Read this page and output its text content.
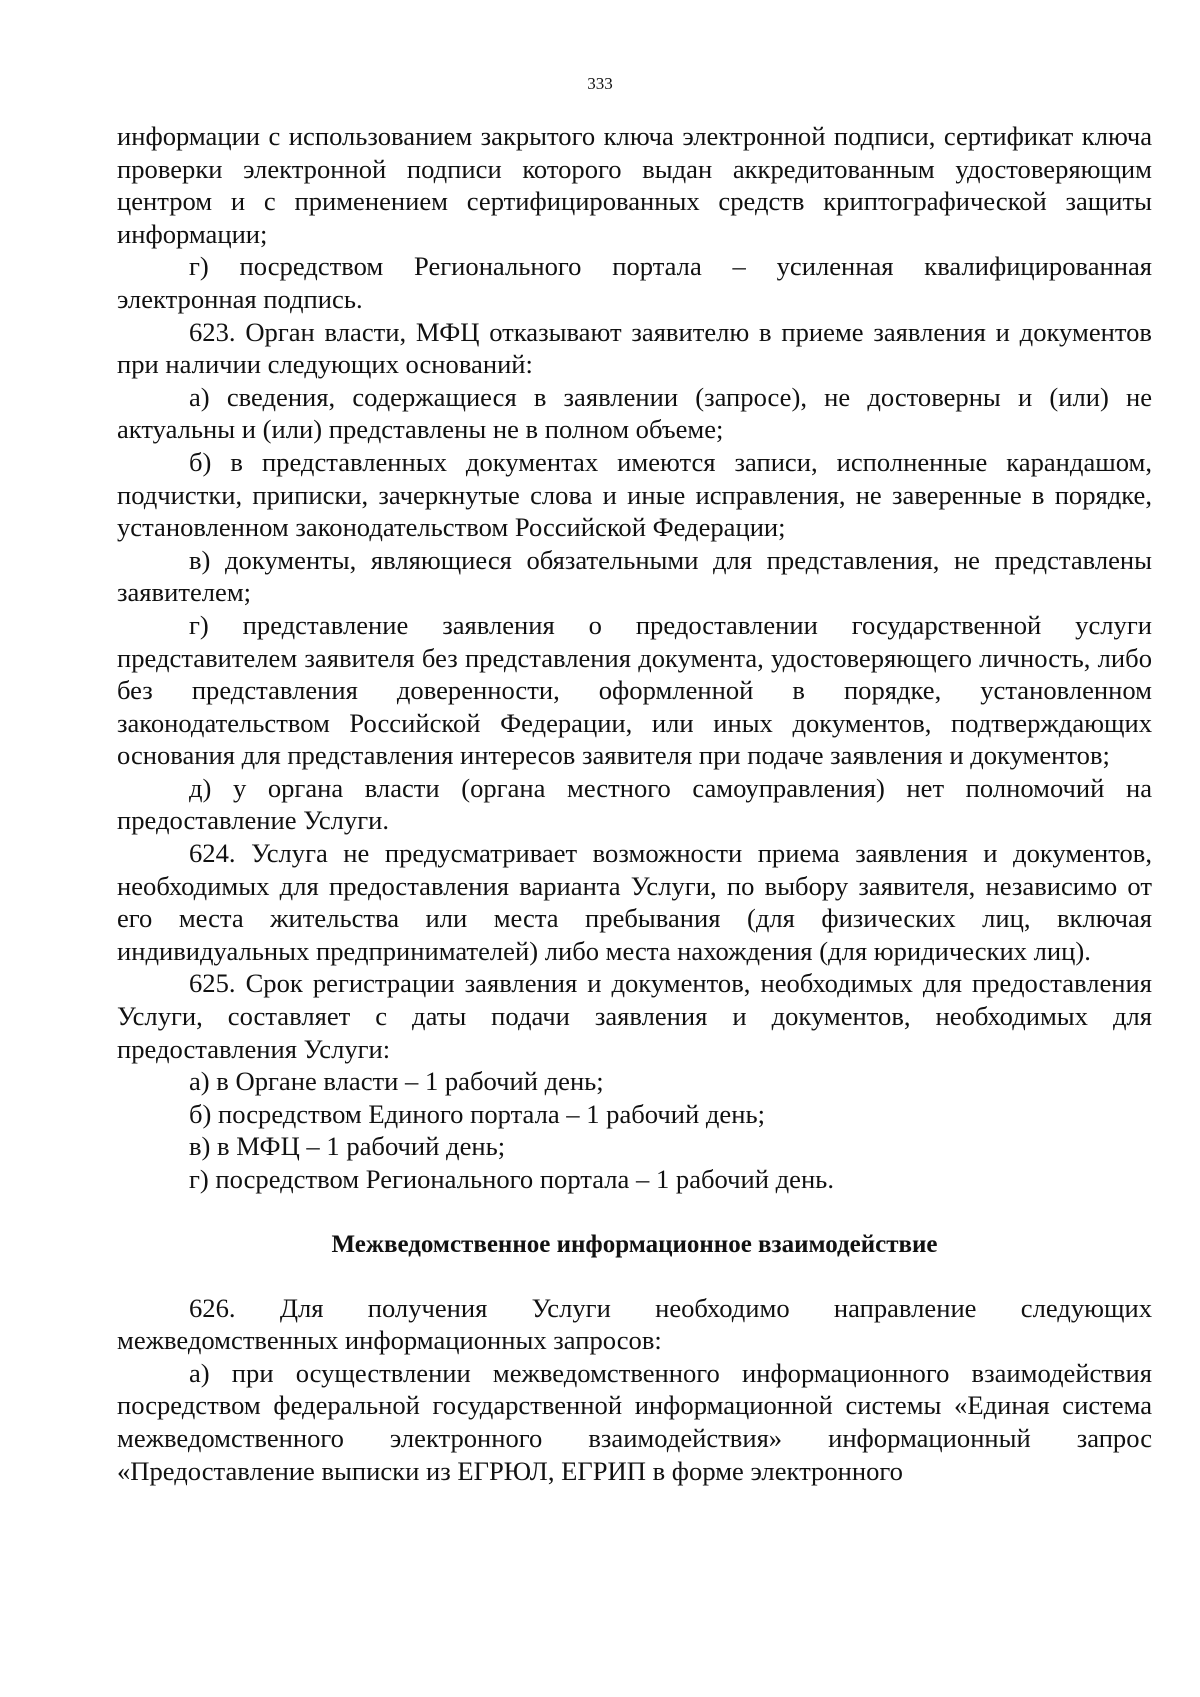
333

информации с использованием закрытого ключа электронной подписи, сертификат ключа проверки электронной подписи которого выдан аккредитованным удостоверяющим центром и с применением сертифицированных средств криптографической защиты информации;

г) посредством Регионального портала – усиленная квалифицированная электронная подпись.

623. Орган власти, МФЦ отказывают заявителю в приеме заявления и документов при наличии следующих оснований:

а) сведения, содержащиеся в заявлении (запросе), не достоверны и (или) не актуальны и (или) представлены не в полном объеме;

б) в представленных документах имеются записи, исполненные карандашом, подчистки, приписки, зачеркнутые слова и иные исправления, не заверенные в порядке, установленном законодательством Российской Федерации;

в) документы, являющиеся обязательными для представления, не представлены заявителем;

г) представление заявления о предоставлении государственной услуги представителем заявителя без представления документа, удостоверяющего личность, либо без представления доверенности, оформленной в порядке, установленном законодательством Российской Федерации, или иных документов, подтверждающих основания для представления интересов заявителя при подаче заявления и документов;

д) у органа власти (органа местного самоуправления) нет полномочий на предоставление Услуги.

624. Услуга не предусматривает возможности приема заявления и документов, необходимых для предоставления варианта Услуги, по выбору заявителя, независимо от его места жительства или места пребывания (для физических лиц, включая индивидуальных предпринимателей) либо места нахождения (для юридических лиц).

625. Срок регистрации заявления и документов, необходимых для предоставления Услуги, составляет с даты подачи заявления и документов, необходимых для предоставления Услуги:

а) в Органе власти – 1 рабочий день;

б) посредством Единого портала – 1 рабочий день;

в) в МФЦ – 1 рабочий день;

г) посредством Регионального портала – 1 рабочий день.

Межведомственное информационное взаимодействие

626. Для получения Услуги необходимо направление следующих межведомственных информационных запросов:

а) при осуществлении межведомственного информационного взаимодействия посредством федеральной государственной информационной системы «Единая система межведомственного электронного взаимодействия» информационный запрос «Предоставление выписки из ЕГРЮЛ, ЕГРИП в форме электронного
